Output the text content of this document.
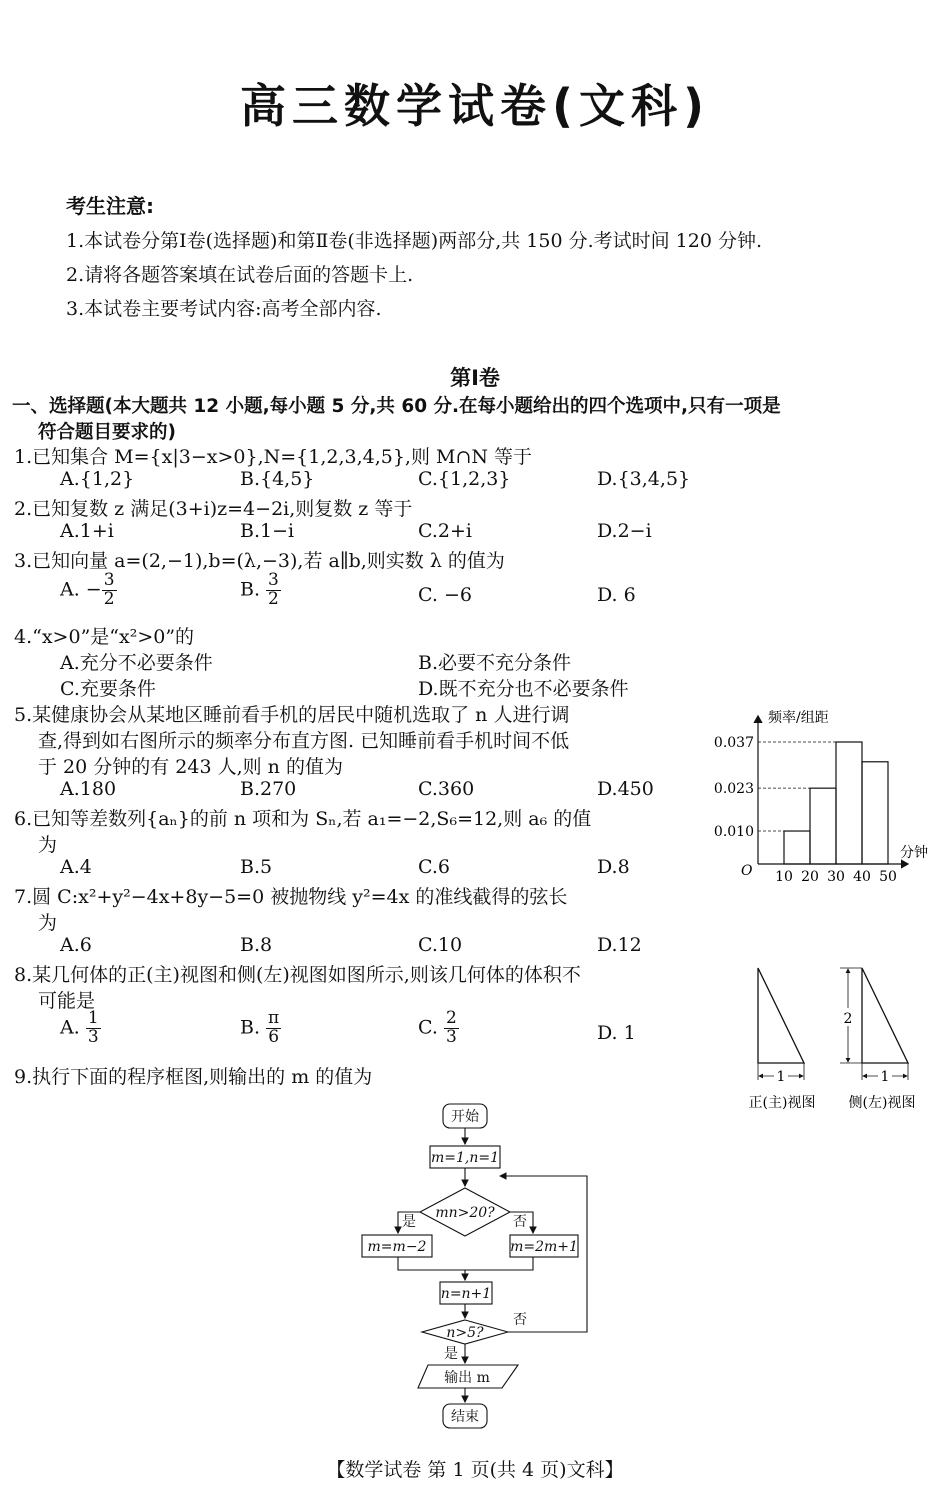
高三数学试卷(文科)
考生注意:
1.本试卷分第Ⅰ卷(选择题)和第Ⅱ卷(非选择题)两部分,共 150 分.考试时间 120 分钟.
2.请将各题答案填在试卷后面的答题卡上.
3.本试卷主要考试内容:高考全部内容.
第Ⅰ卷
一、选择题(本大题共 12 小题,每小题 5 分,共 60 分.在每小题给出的四个选项中,只有一项是
符合题目要求的)
1.已知集合 M={x|3−x>0},N={1,2,3,4,5},则 M∩N 等于
A.{1,2}	B.{4,5}	C.{1,2,3}	D.{3,4,5}
2.已知复数 z 满足(3+i)z=4−2i,则复数 z 等于
A.1+i	B.1−i	C.2+i	D.2−i
3.已知向量 a=(2,−1),b=(λ,−3),若 a∥b,则实数 λ 的值为
A. − $\frac{3}{2}$	B. $\frac{3}{2}$	C. −6	D. 6
4.“x>0”是“x²>0”的
A.充分不必要条件	B.必要不充分条件
C.充要条件	D.既不充分也不必要条件
5.某健康协会从某地区睡前看手机的居民中随机选取了 n 人进行调
查,得到如右图所示的频率分布直方图. 已知睡前看手机时间不低
于 20 分钟的有 243 人,则 n 的值为
A.180	B.270	C.360	D.450
6.已知等差数列{aₙ}的前 n 项和为 Sₙ,若 a₁=−2,S₆=12,则 a₆ 的值
为
A.4	B.5	C.6	D.8
7.圆 C:x²+y²−4x+8y−5=0 被抛物线 y²=4x 的准线截得的弦长
为
A.6	B.8	C.10	D.12
8.某几何体的正(主)视图和侧(左)视图如图所示,则该几何体的体积不
可能是
A. $\frac{1}{3}$	B. $\frac{\pi}{6}$	C. $\frac{2}{3}$	D. 1
9.执行下面的程序框图,则输出的 m 的值为
频率/组距
分钟
O
0.037
0.023
0.010
10 20 30 40 50
1
2
1
正(主)视图 侧(左)视图
开始
m=1,n=1
mn>20?
是	否
m=m−2	m=2m+1
n=n+1
n>5?
否
是
输出 m
结束
【数学试卷 第 1 页(共 4 页)文科】
